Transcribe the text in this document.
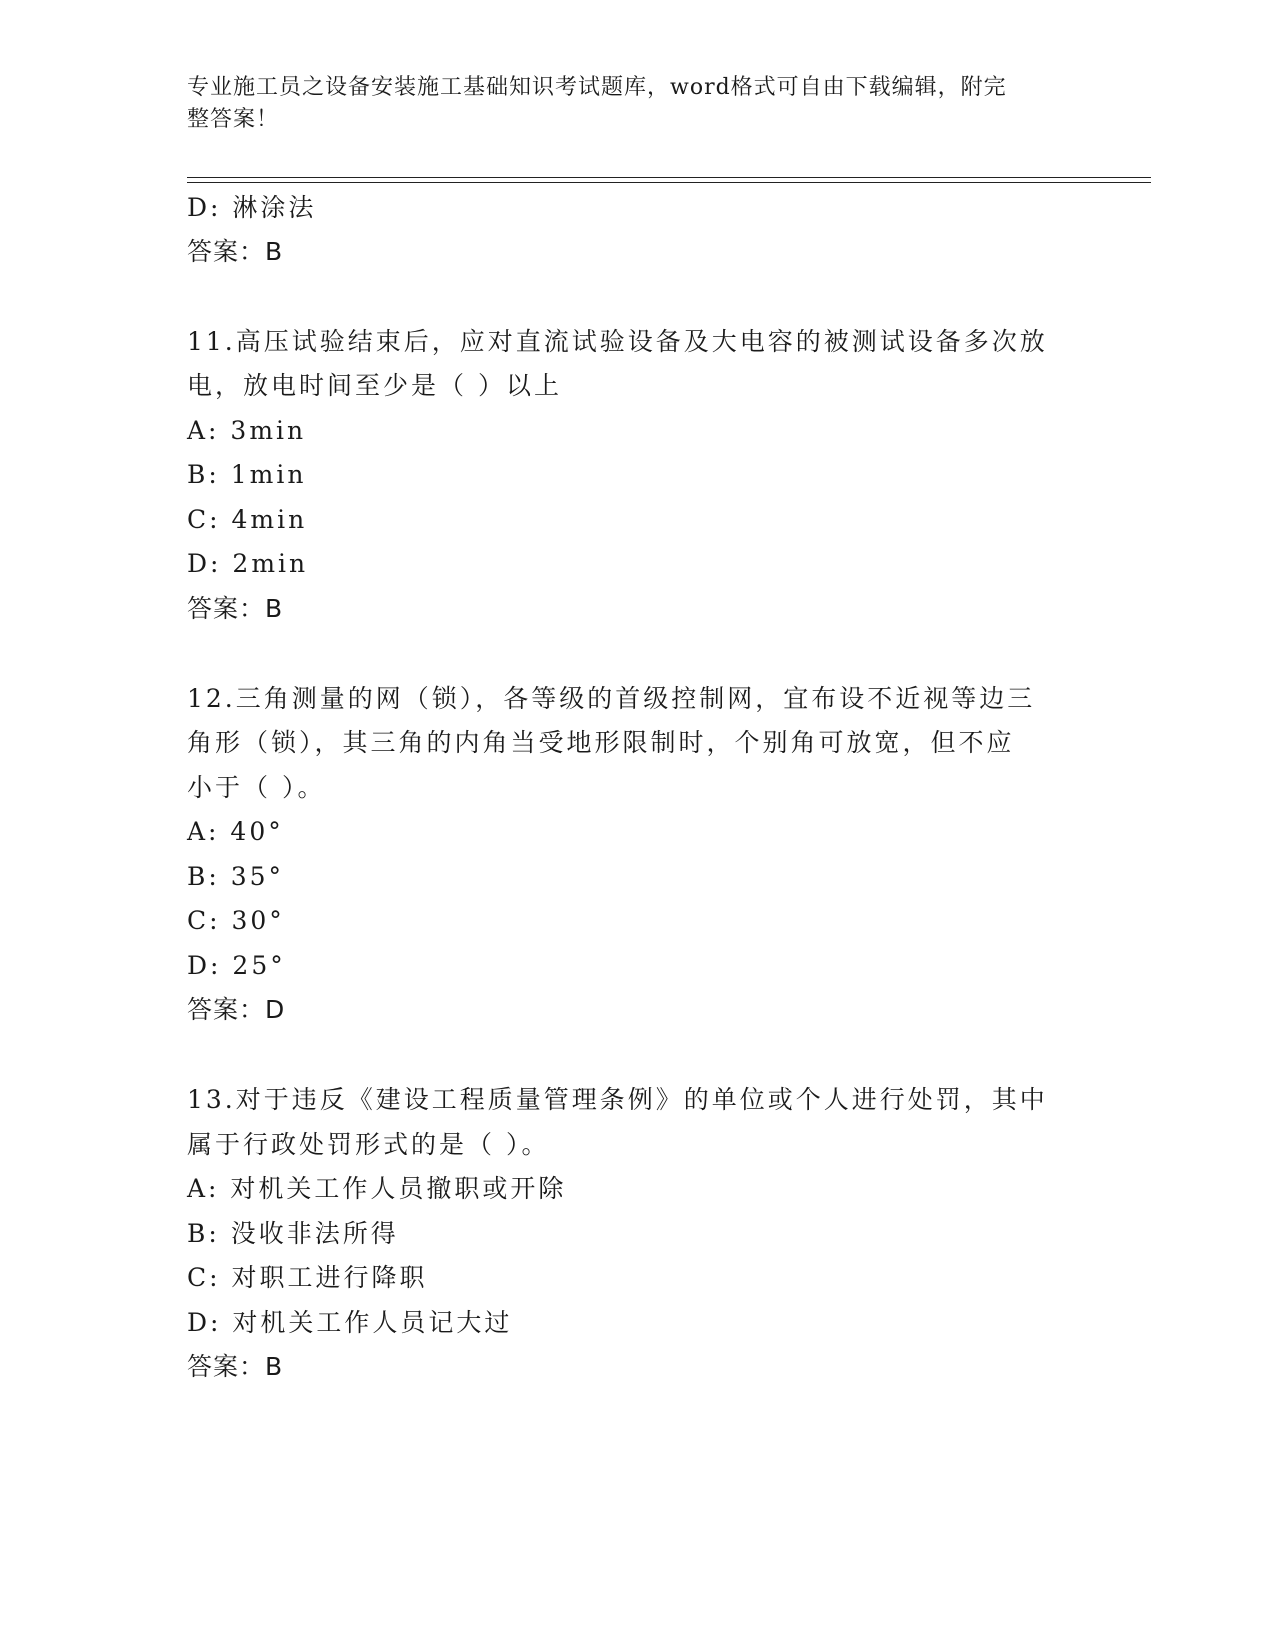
专业施工员之设备安装施工基础知识考试题库，word格式可自由下载编辑，附完
整答案！
D: 淋涂法
答案：B
11.高压试验结束后，应对直流试验设备及大电容的被测试设备多次放
电，放电时间至少是（ ）以上
A: 3min
B: 1min
C: 4min
D: 2min
答案：B
12.三角测量的网（锁），各等级的首级控制网，宜布设不近视等边三
角形（锁），其三角的内角当受地形限制时，个别角可放宽，但不应
小于（ ）。
A: 40°
B: 35°
C: 30°
D: 25°
答案：D
13.对于违反《建设工程质量管理条例》的单位或个人进行处罚，其中
属于行政处罚形式的是（ ）。
A: 对机关工作人员撤职或开除
B: 没收非法所得
C: 对职工进行降职
D: 对机关工作人员记大过
答案：B
